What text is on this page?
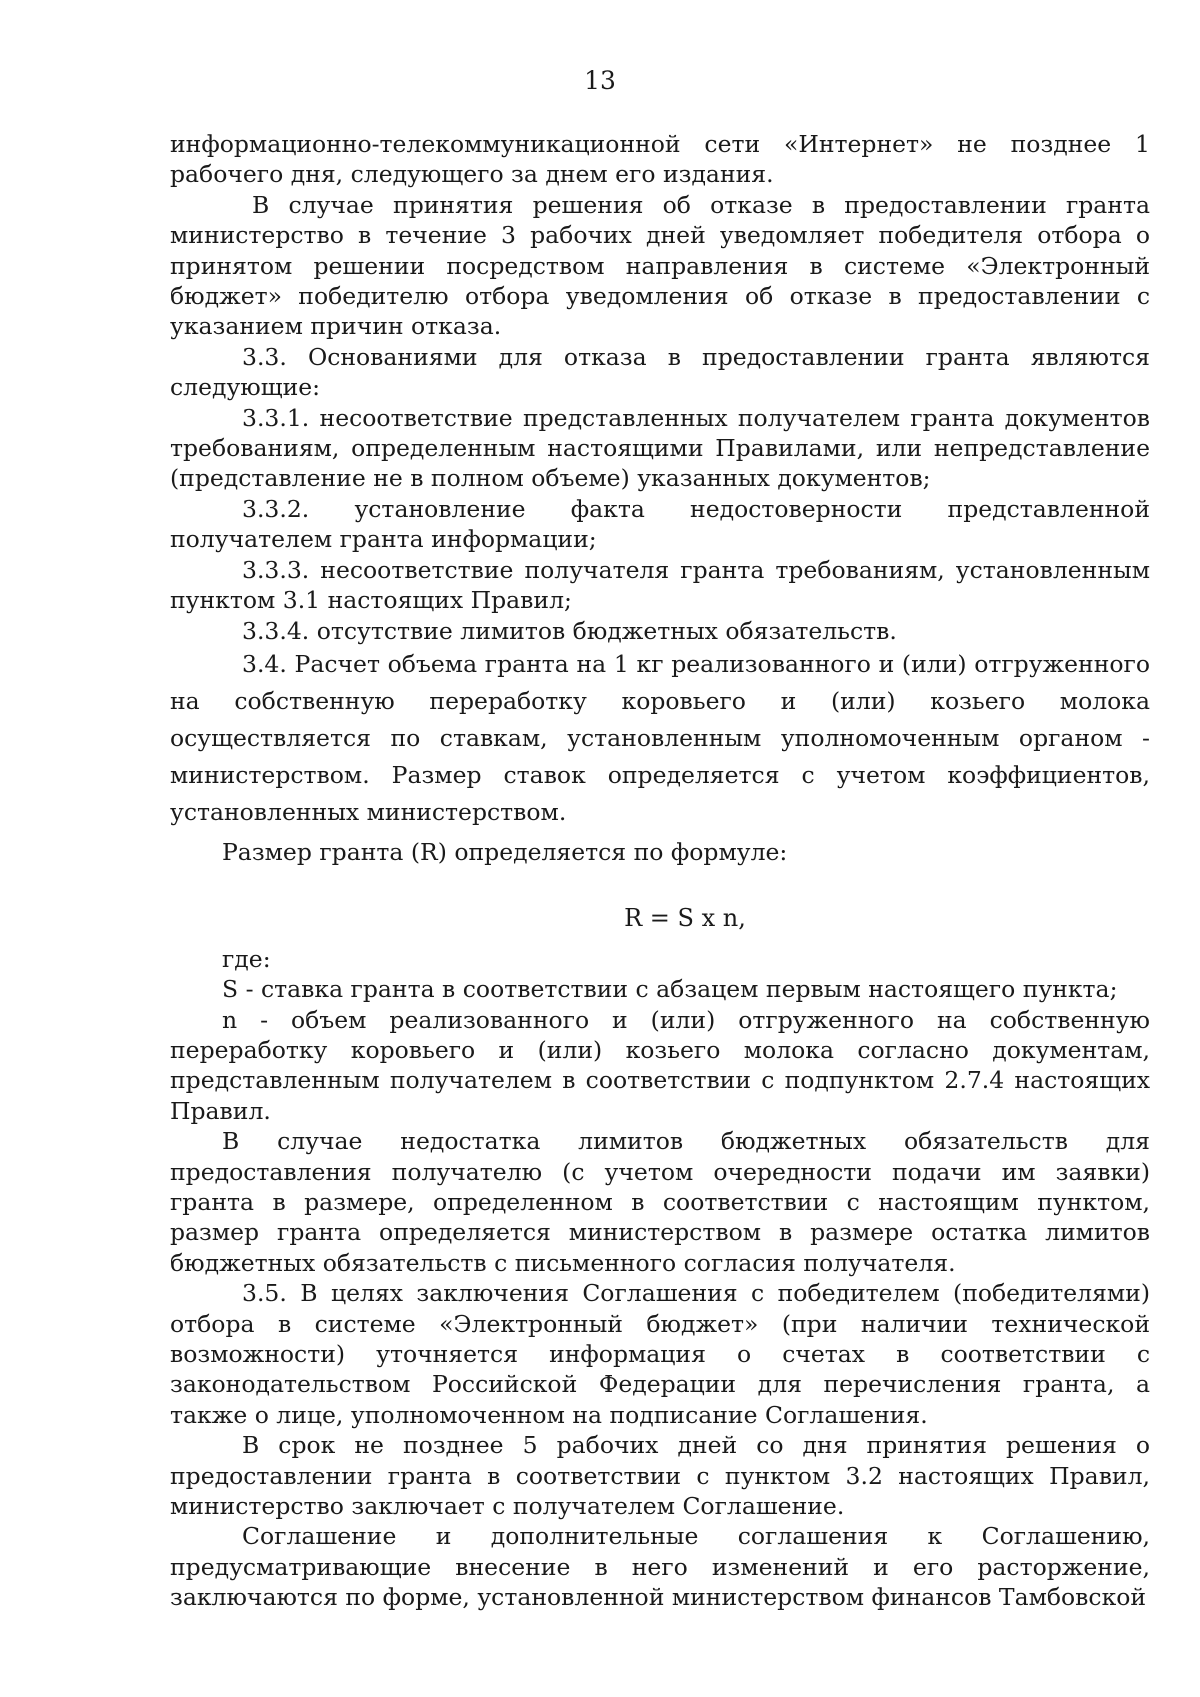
13

информационно-телекоммуникационной сети «Интернет» не позднее 1 рабочего дня, следующего за днем его издания.

В случае принятия решения об отказе в предоставлении гранта министерство в течение 3 рабочих дней уведомляет победителя отбора о принятом решении посредством направления в системе «Электронный бюджет» победителю отбора уведомления об отказе в предоставлении с указанием причин отказа.

3.3. Основаниями для отказа в предоставлении гранта являются следующие:

3.3.1. несоответствие представленных получателем гранта документов требованиям, определенным настоящими Правилами, или непредставление (представление не в полном объеме) указанных документов;

3.3.2. установление факта недостоверности представленной получателем гранта информации;

3.3.3. несоответствие получателя гранта требованиям, установленным пунктом 3.1 настоящих Правил;

3.3.4. отсутствие лимитов бюджетных обязательств.

3.4. Расчет объема гранта на 1 кг реализованного и (или) отгруженного на собственную переработку коровьего и (или) козьего молока осуществляется по ставкам, установленным уполномоченным органом - министерством. Размер ставок определяется с учетом коэффициентов, установленных министерством.

Размер гранта (R) определяется по формуле:

R = S x n,

где:

S - ставка гранта в соответствии с абзацем первым настоящего пункта;

n - объем реализованного и (или) отгруженного на собственную переработку коровьего и (или) козьего молока согласно документам, представленным получателем в соответствии с подпунктом 2.7.4 настоящих Правил.

В случае недостатка лимитов бюджетных обязательств для предоставления получателю (с учетом очередности подачи им заявки) гранта в размере, определенном в соответствии с настоящим пунктом, размер гранта определяется министерством в размере остатка лимитов бюджетных обязательств с письменного согласия получателя.

3.5. В целях заключения Соглашения с победителем (победителями) отбора в системе «Электронный бюджет» (при наличии технической возможности) уточняется информация о счетах в соответствии с законодательством Российской Федерации для перечисления гранта, а также о лице, уполномоченном на подписание Соглашения.

В срок не позднее 5 рабочих дней со дня принятия решения о предоставлении гранта в соответствии с пунктом 3.2 настоящих Правил, министерство заключает с получателем Соглашение.

Соглашение и дополнительные соглашения к Соглашению, предусматривающие внесение в него изменений и его расторжение, заключаются по форме, установленной министерством финансов Тамбовской
